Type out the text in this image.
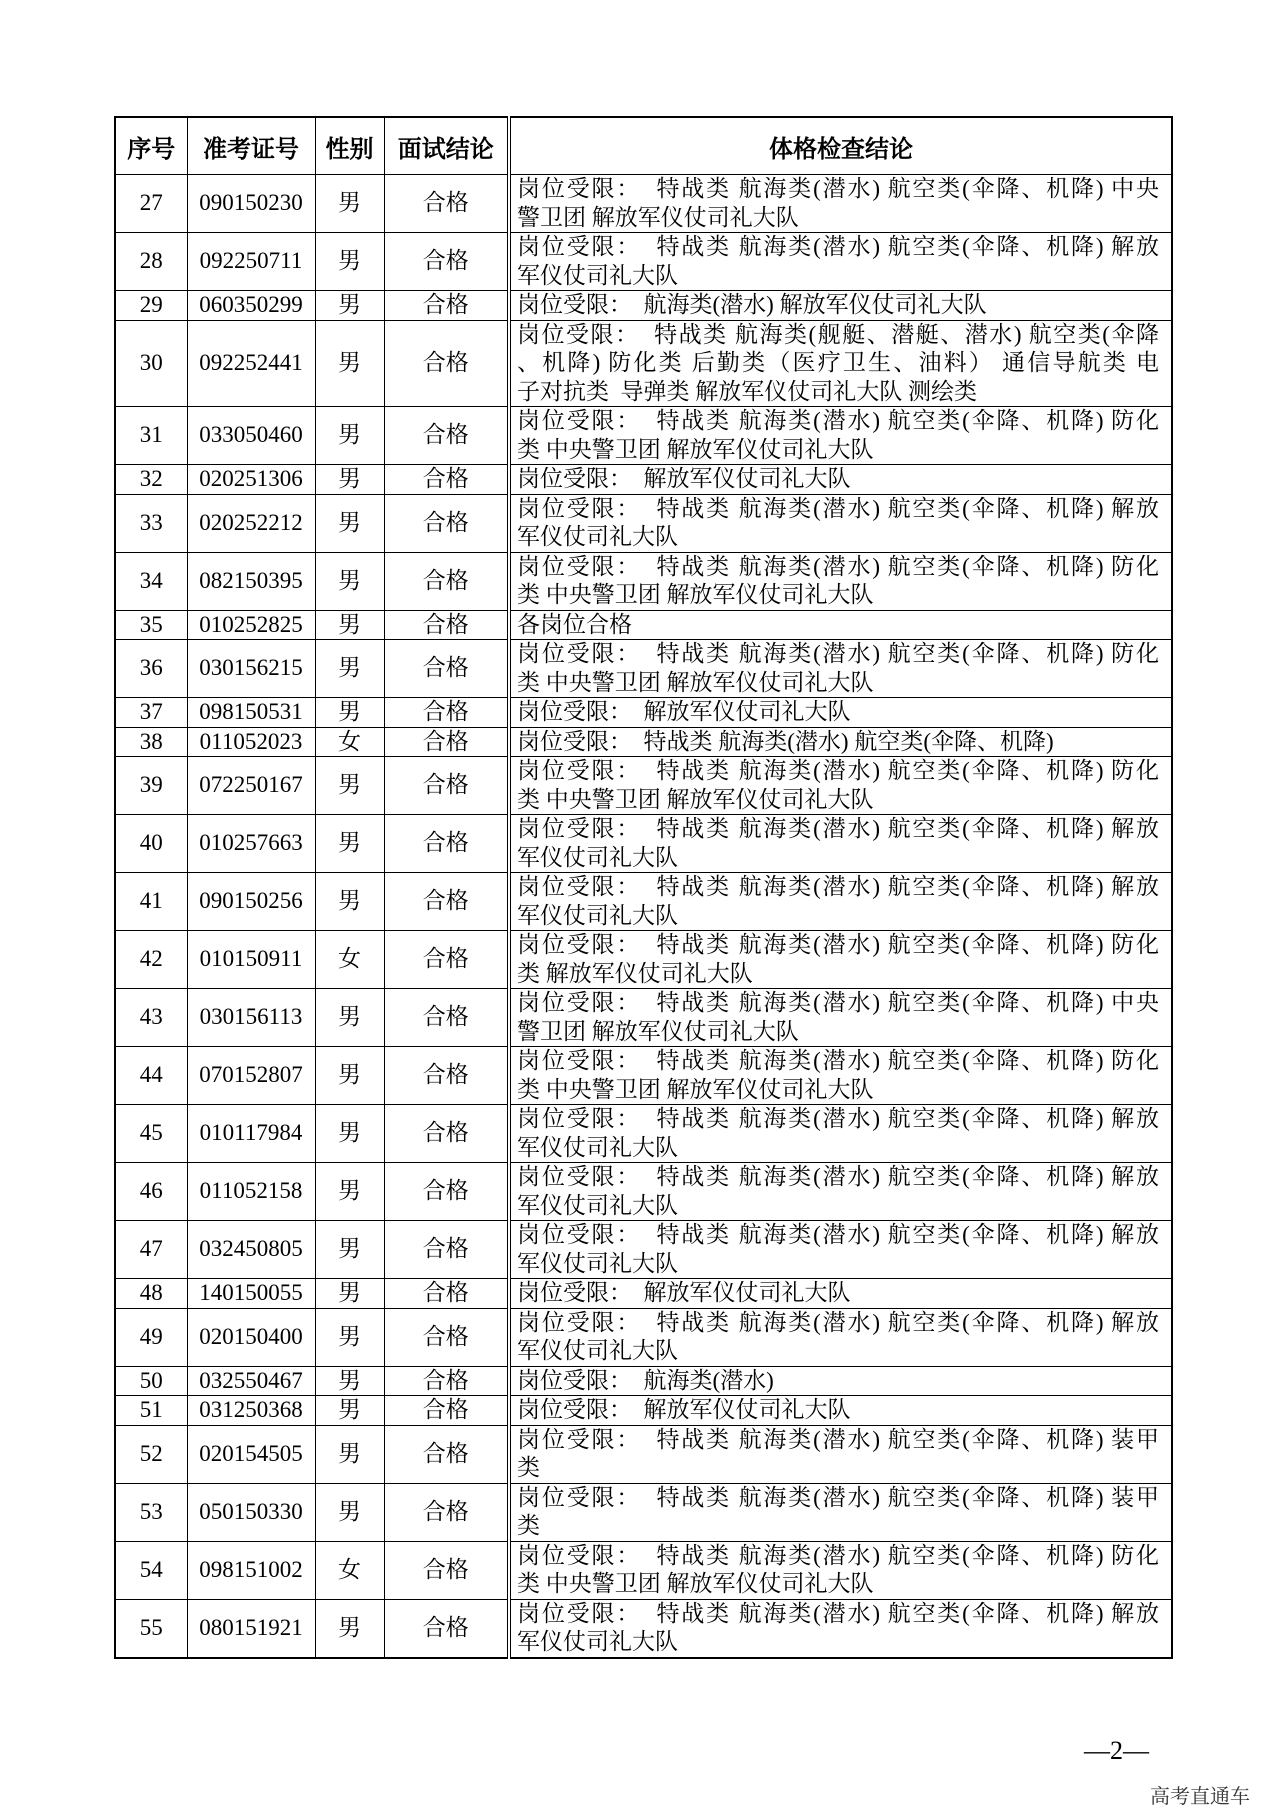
序号	准考证号	性别	面试结论	体格检查结论
27	090150230	男	合格	岗位受限：  特战类 航海类(潜水) 航空类(伞降、机降) 中央
警卫团 解放军仪仗司礼大队

28	092250711	男	合格	岗位受限：  特战类 航海类(潜水) 航空类(伞降、机降) 解放
军仪仗司礼大队

29	060350299	男	合格	岗位受限：  航海类(潜水) 解放军仪仗司礼大队

30	092252441	男	合格	岗位受限：  特战类 航海类(舰艇、潜艇、潜水) 航空类(伞降
、机降) 防化类 后勤类（医疗卫生、油料） 通信导航类 电
子对抗类  导弹类 解放军仪仗司礼大队 测绘类

31	033050460	男	合格	岗位受限：  特战类 航海类(潜水) 航空类(伞降、机降) 防化
类 中央警卫团 解放军仪仗司礼大队

32	020251306	男	合格	岗位受限：  解放军仪仗司礼大队

33	020252212	男	合格	岗位受限：  特战类 航海类(潜水) 航空类(伞降、机降) 解放
军仪仗司礼大队

34	082150395	男	合格	岗位受限：  特战类 航海类(潜水) 航空类(伞降、机降) 防化
类 中央警卫团 解放军仪仗司礼大队

35	010252825	男	合格	各岗位合格

36	030156215	男	合格	岗位受限：  特战类 航海类(潜水) 航空类(伞降、机降) 防化
类 中央警卫团 解放军仪仗司礼大队

37	098150531	男	合格	岗位受限：  解放军仪仗司礼大队

38	011052023	女	合格	岗位受限：  特战类 航海类(潜水) 航空类(伞降、机降)

39	072250167	男	合格	岗位受限：  特战类 航海类(潜水) 航空类(伞降、机降) 防化
类 中央警卫团 解放军仪仗司礼大队

40	010257663	男	合格	岗位受限：  特战类 航海类(潜水) 航空类(伞降、机降) 解放
军仪仗司礼大队

41	090150256	男	合格	岗位受限：  特战类 航海类(潜水) 航空类(伞降、机降) 解放
军仪仗司礼大队

42	010150911	女	合格	岗位受限：  特战类 航海类(潜水) 航空类(伞降、机降) 防化
类 解放军仪仗司礼大队

43	030156113	男	合格	岗位受限：  特战类 航海类(潜水) 航空类(伞降、机降) 中央
警卫团 解放军仪仗司礼大队

44	070152807	男	合格	岗位受限：  特战类 航海类(潜水) 航空类(伞降、机降) 防化
类 中央警卫团 解放军仪仗司礼大队

45	010117984	男	合格	岗位受限：  特战类 航海类(潜水) 航空类(伞降、机降) 解放
军仪仗司礼大队

46	011052158	男	合格	岗位受限：  特战类 航海类(潜水) 航空类(伞降、机降) 解放
军仪仗司礼大队

47	032450805	男	合格	岗位受限：  特战类 航海类(潜水) 航空类(伞降、机降) 解放
军仪仗司礼大队

48	140150055	男	合格	岗位受限：  解放军仪仗司礼大队

49	020150400	男	合格	岗位受限：  特战类 航海类(潜水) 航空类(伞降、机降) 解放
军仪仗司礼大队

50	032550467	男	合格	岗位受限：  航海类(潜水)

51	031250368	男	合格	岗位受限：  解放军仪仗司礼大队

52	020154505	男	合格	岗位受限：  特战类 航海类(潜水) 航空类(伞降、机降) 装甲
类

53	050150330	男	合格	岗位受限：  特战类 航海类(潜水) 航空类(伞降、机降) 装甲
类

54	098151002	女	合格	岗位受限：  特战类 航海类(潜水) 航空类(伞降、机降) 防化
类 中央警卫团 解放军仪仗司礼大队

55	080151921	男	合格	岗位受限：  特战类 航海类(潜水) 航空类(伞降、机降) 解放
军仪仗司礼大队
—2—
高考直通车
